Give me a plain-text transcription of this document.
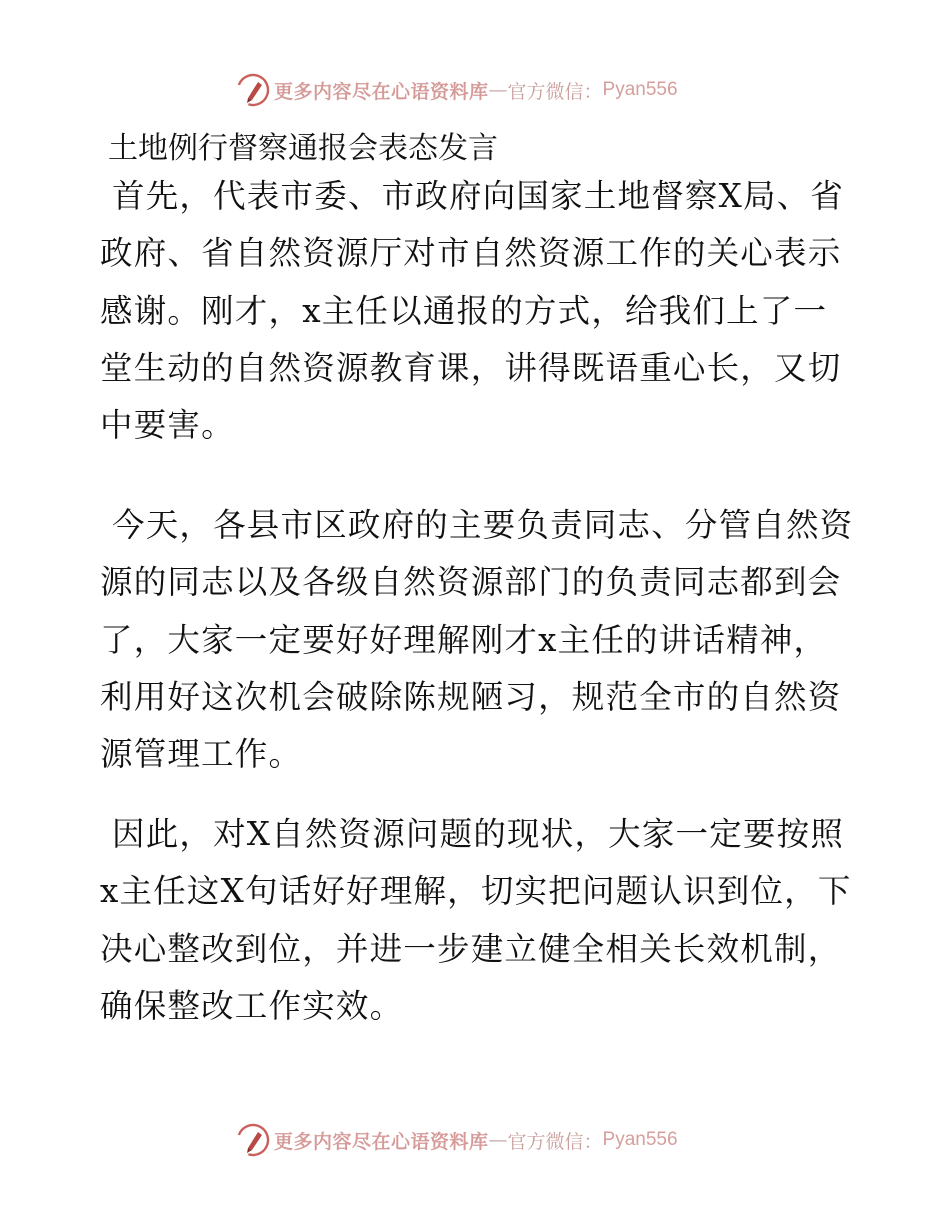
更多内容尽在心语资料库 — 官方微信： Pyan556
土地例行督察通报会表态发言

首先，代表市委、市政府向国家土地督察X局、省政府、省自然资源厅对市自然资源工作的关心表示感谢。刚才，x主任以通报的方式，给我们上了一堂生动的自然资源教育课，讲得既语重心长，又切中要害。

今天，各县市区政府的主要负责同志、分管自然资源的同志以及各级自然资源部门的负责同志都到会了，大家一定要好好理解刚才x主任的讲话精神，利用好这次机会破除陈规陋习，规范全市的自然资源管理工作。

因此，对X自然资源问题的现状，大家一定要按照x主任这X句话好好理解，切实把问题认识到位，下决心整改到位，并进一步建立健全相关长效机制，确保整改工作实效。

更多内容尽在心语资料库 — 官方微信： Pyan556
